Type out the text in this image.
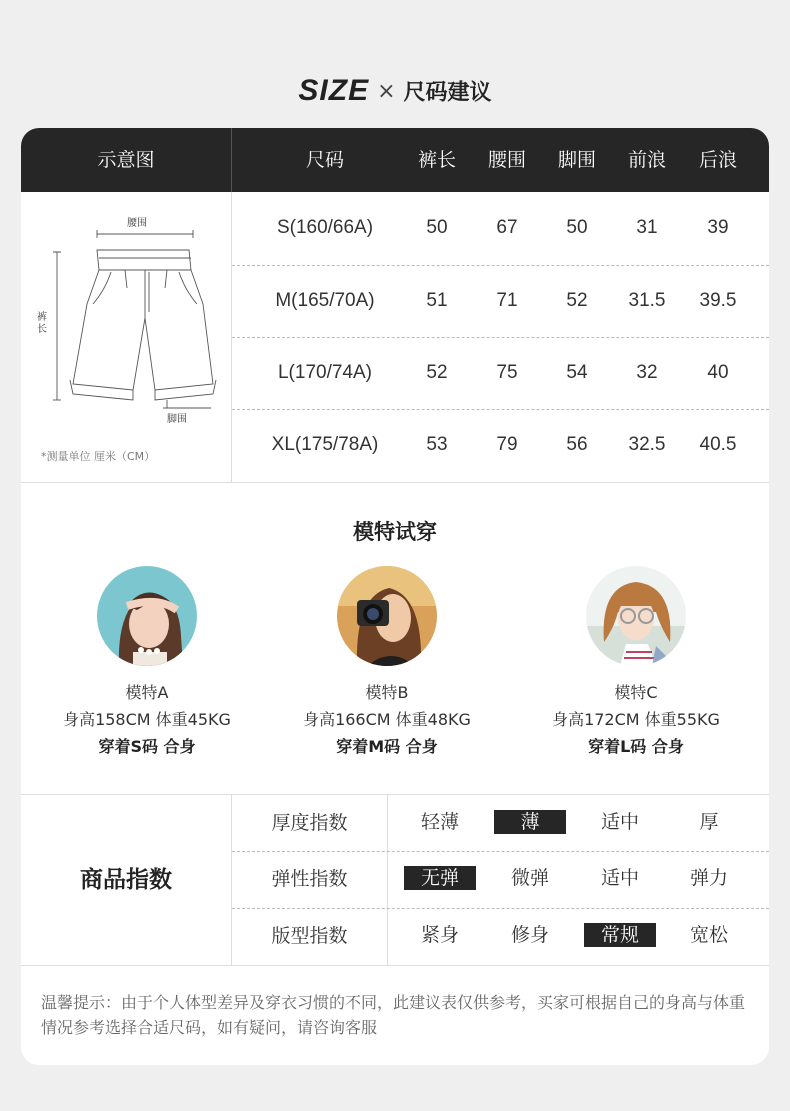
SIZE × 尺码建议
示意图	尺码	裤长	腰围	脚围	前浪	后浪
腰围
裤长
脚围
*测量单位 厘米（CM）
S(160/66A)	50	67	50	31	39
M(165/70A)	51	71	52	31.5	39.5
L(170/74A)	52	75	54	32	40
XL(175/78A)	53	79	56	32.5	40.5
模特试穿
模特A
身高158CM 体重45KG
穿着S码 合身
模特B
身高166CM 体重48KG
穿着M码 合身
模特C
身高172CM 体重55KG
穿着L码 合身
商品指数
厚度指数	轻薄	薄	适中	厚
弹性指数	无弹	微弹	适中	弹力
版型指数	紧身	修身	常规	宽松
温馨提示：由于个人体型差异及穿衣习惯的不同，此建议表仅供参考，买家可根据自己的身高与体重情况参考选择合适尺码，如有疑问，请咨询客服
